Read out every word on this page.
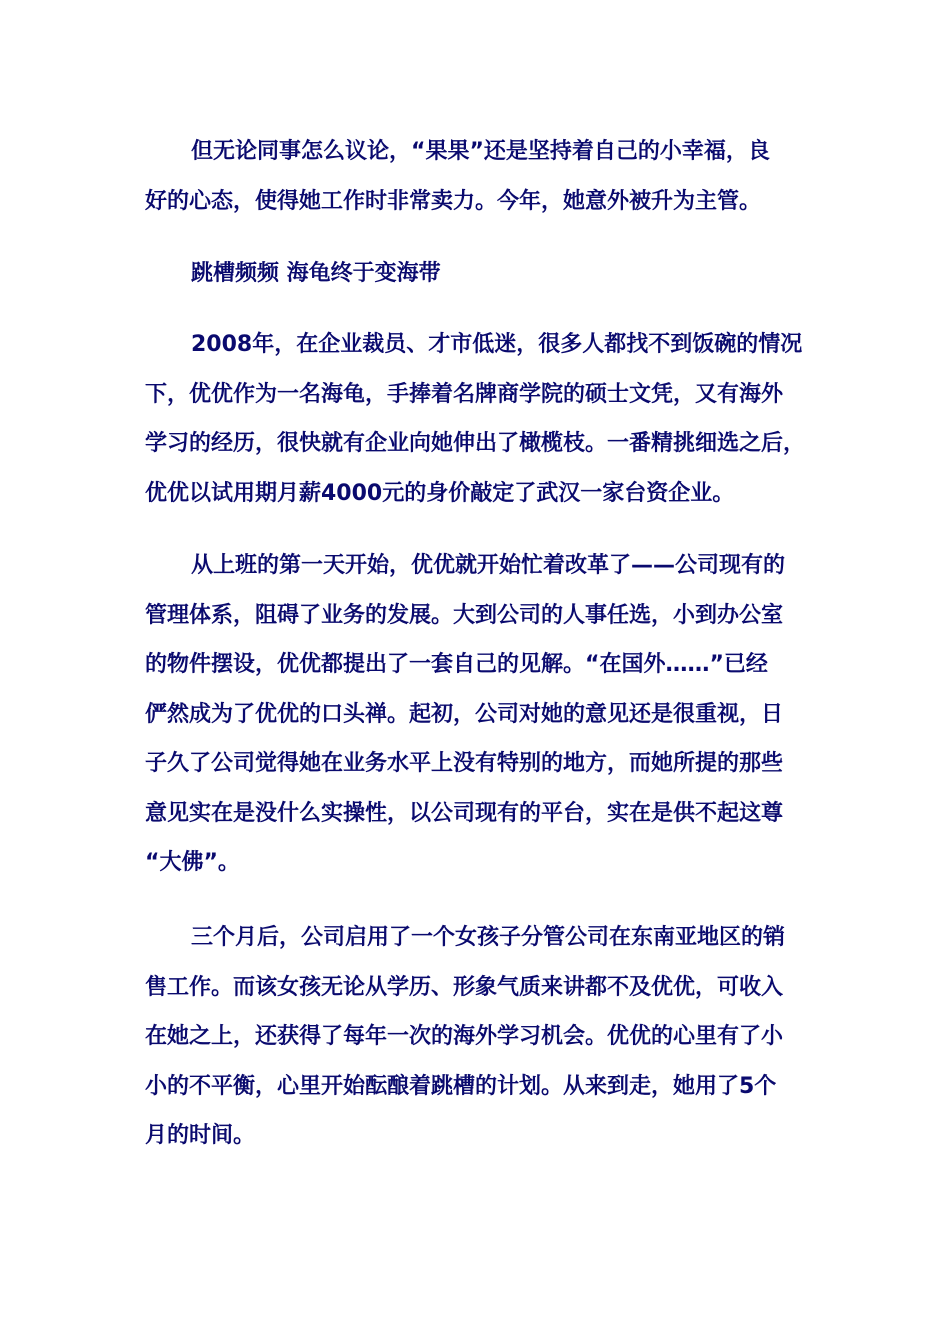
但无论同事怎么议论，“果果”还是坚持着自己的小幸福，良
好的心态，使得她工作时非常卖力。今年，她意外被升为主管。
跳槽频频 海龟终于变海带
2008年，在企业裁员、才市低迷，很多人都找不到饭碗的情况
下，优优作为一名海龟，手捧着名牌商学院的硕士文凭，又有海外
学习的经历，很快就有企业向她伸出了橄榄枝。一番精挑细选之后，
优优以试用期月薪4000元的身价敲定了武汉一家台资企业。
从上班的第一天开始，优优就开始忙着改革了——公司现有的
管理体系，阻碍了业务的发展。大到公司的人事任选，小到办公室
的物件摆设，优优都提出了一套自己的见解。“在国外……”已经
俨然成为了优优的口头禅。起初，公司对她的意见还是很重视，日
子久了公司觉得她在业务水平上没有特别的地方，而她所提的那些
意见实在是没什么实操性，以公司现有的平台，实在是供不起这尊
“大佛”。
三个月后，公司启用了一个女孩子分管公司在东南亚地区的销
售工作。而该女孩无论从学历、形象气质来讲都不及优优，可收入
在她之上，还获得了每年一次的海外学习机会。优优的心里有了小
小的不平衡，心里开始酝酿着跳槽的计划。从来到走，她用了5个
月的时间。
